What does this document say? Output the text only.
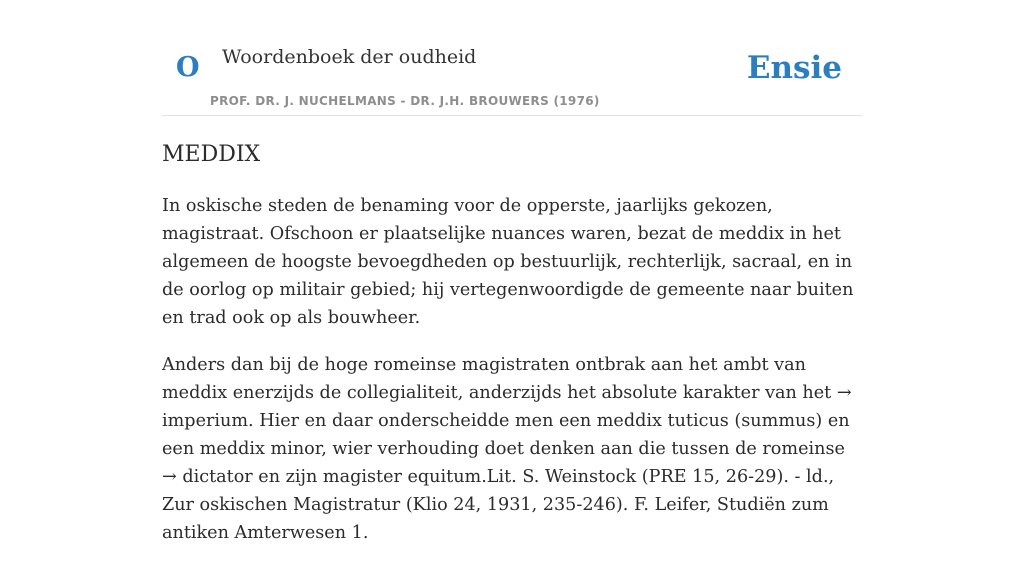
O Woordenboek der oudheid	Ensie
PROF. DR. J. NUCHELMANS - DR. J.H. BROUWERS (1976)
MEDDIX

In oskische steden de benaming voor de opperste, jaarlijks gekozen, magistraat. Ofschoon er plaatselijke nuances waren, bezat de meddix in het algemeen de hoogste bevoegdheden op bestuurlijk, rechterlijk, sacraal, en in de oorlog op militair gebied; hij vertegenwoordigde de gemeente naar buiten en trad ook op als bouwheer.

Anders dan bij de hoge romeinse magistraten ontbrak aan het ambt van meddix enerzijds de collegialiteit, anderzijds het absolute karakter van het → imperium. Hier en daar onderscheidde men een meddix tuticus (summus) en een meddix minor, wier verhouding doet denken aan die tussen de romeinse → dictator en zijn magister equitum.Lit. S. Weinstock (PRE 15, 26-29). - ld., Zur oskischen Magistratur (Klio 24, 1931, 235-246). F. Leifer, Studiën zum antiken Amterwesen 1.
